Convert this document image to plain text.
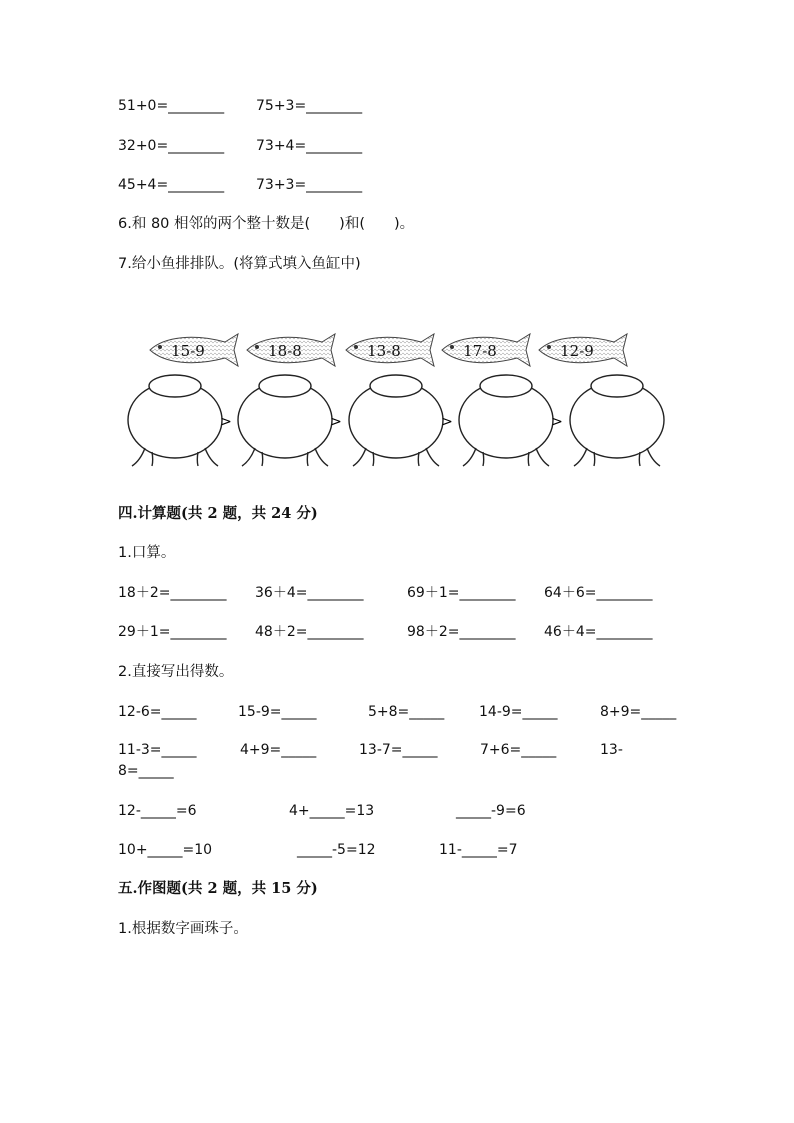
51+0=________ 75+3=________
32+0=________ 73+4=________
45+4=________ 73+3=________
6.和 80 相邻的两个整十数是(　　)和(　　)。
7.给小鱼排排队。(将算式填入鱼缸中)
15-9	18-8	13-8	17-8	12-9
>	>	>	>
四.计算题(共 2 题，共 24 分)
1.口算。
18＋2=________ 36＋4=________	69＋1=________ 64＋6=________
29＋1=________ 48＋2=________	98＋2=________ 46＋4=________
2.直接写出得数。
12-6=_____	15-9=_____	5+8=_____ 14-9=_____	8+9=_____
11-3=_____	4+9=_____	13-7=_____	7+6=_____	13-
8=_____
12-_____=6	4+_____=13	_____-9=6
10+_____=10	_____-5=12	11-_____=7
五.作图题(共 2 题，共 15 分)
1.根据数字画珠子。
